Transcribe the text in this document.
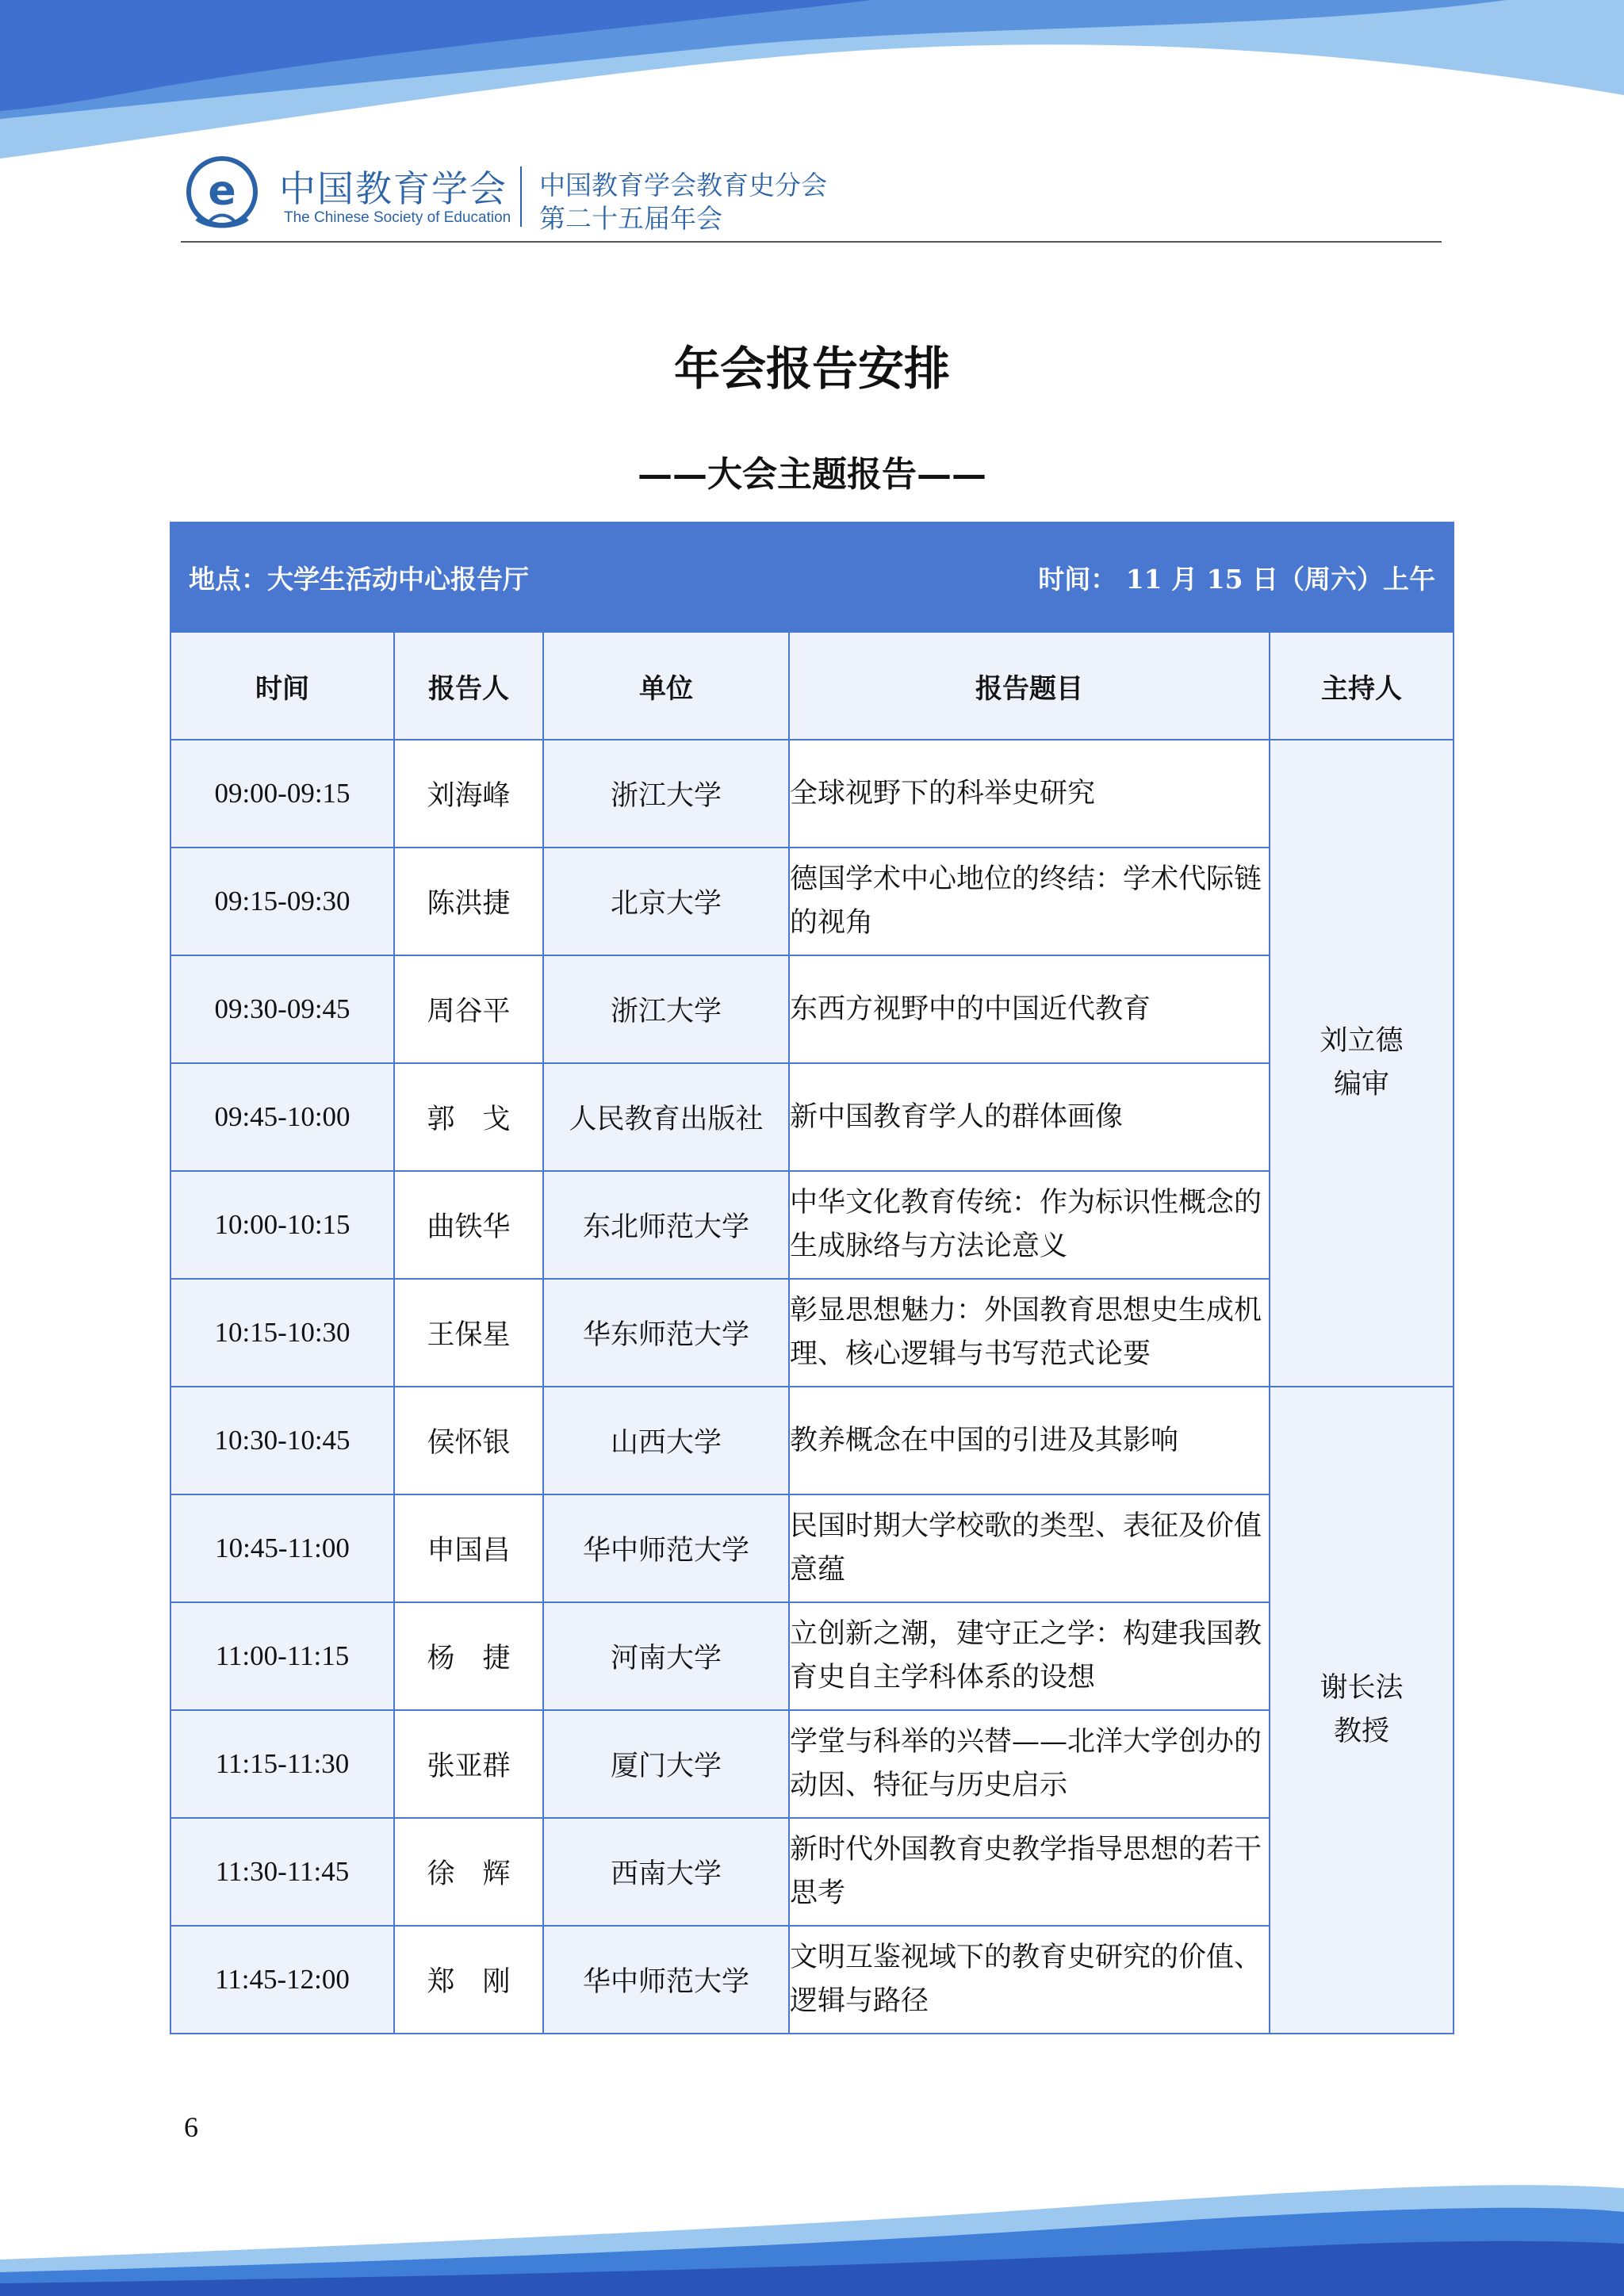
e 中国教育学会
The Chinese Society of Education
中国教育学会教育史分会
第二十五届年会
年会报告安排
——大会主题报告——
地点：大学生活动中心报告厅 时间： 11 月 15 日（周六）上午				

时间	报告人	单位	报告题目	主持人
09:00-09:15	刘海峰	浙江大学	全球视野下的科举史研究	刘立德
编审

09:15-09:30	陈洪捷	北京大学	德国学术中心地位的终结：学术代际链的视角	
09:30-09:45	周谷平	浙江大学	东西方视野中的中国近代教育	
09:45-10:00	郭　戈	人民教育出版社	新中国教育学人的群体画像	
10:00-10:15	曲铁华	东北师范大学	中华文化教育传统：作为标识性概念的生成脉络与方法论意义	
10:15-10:30	王保星	华东师范大学	彰显思想魅力：外国教育思想史生成机理、核心逻辑与书写范式论要	
10:30-10:45	侯怀银	山西大学	教养概念在中国的引进及其影响	谢长法
教授

10:45-11:00	申国昌	华中师范大学	民国时期大学校歌的类型、表征及价值意蕴	
11:00-11:15	杨　捷	河南大学	立创新之潮，建守正之学：构建我国教育史自主学科体系的设想	
11:15-11:30	张亚群	厦门大学	学堂与科举的兴替——北洋大学创办的动因、特征与历史启示	
11:30-11:45	徐　辉	西南大学	新时代外国教育史教学指导思想的若干思考	
11:45-12:00	郑　刚	华中师范大学	文明互鉴视域下的教育史研究的价值、逻辑与路径	
6
